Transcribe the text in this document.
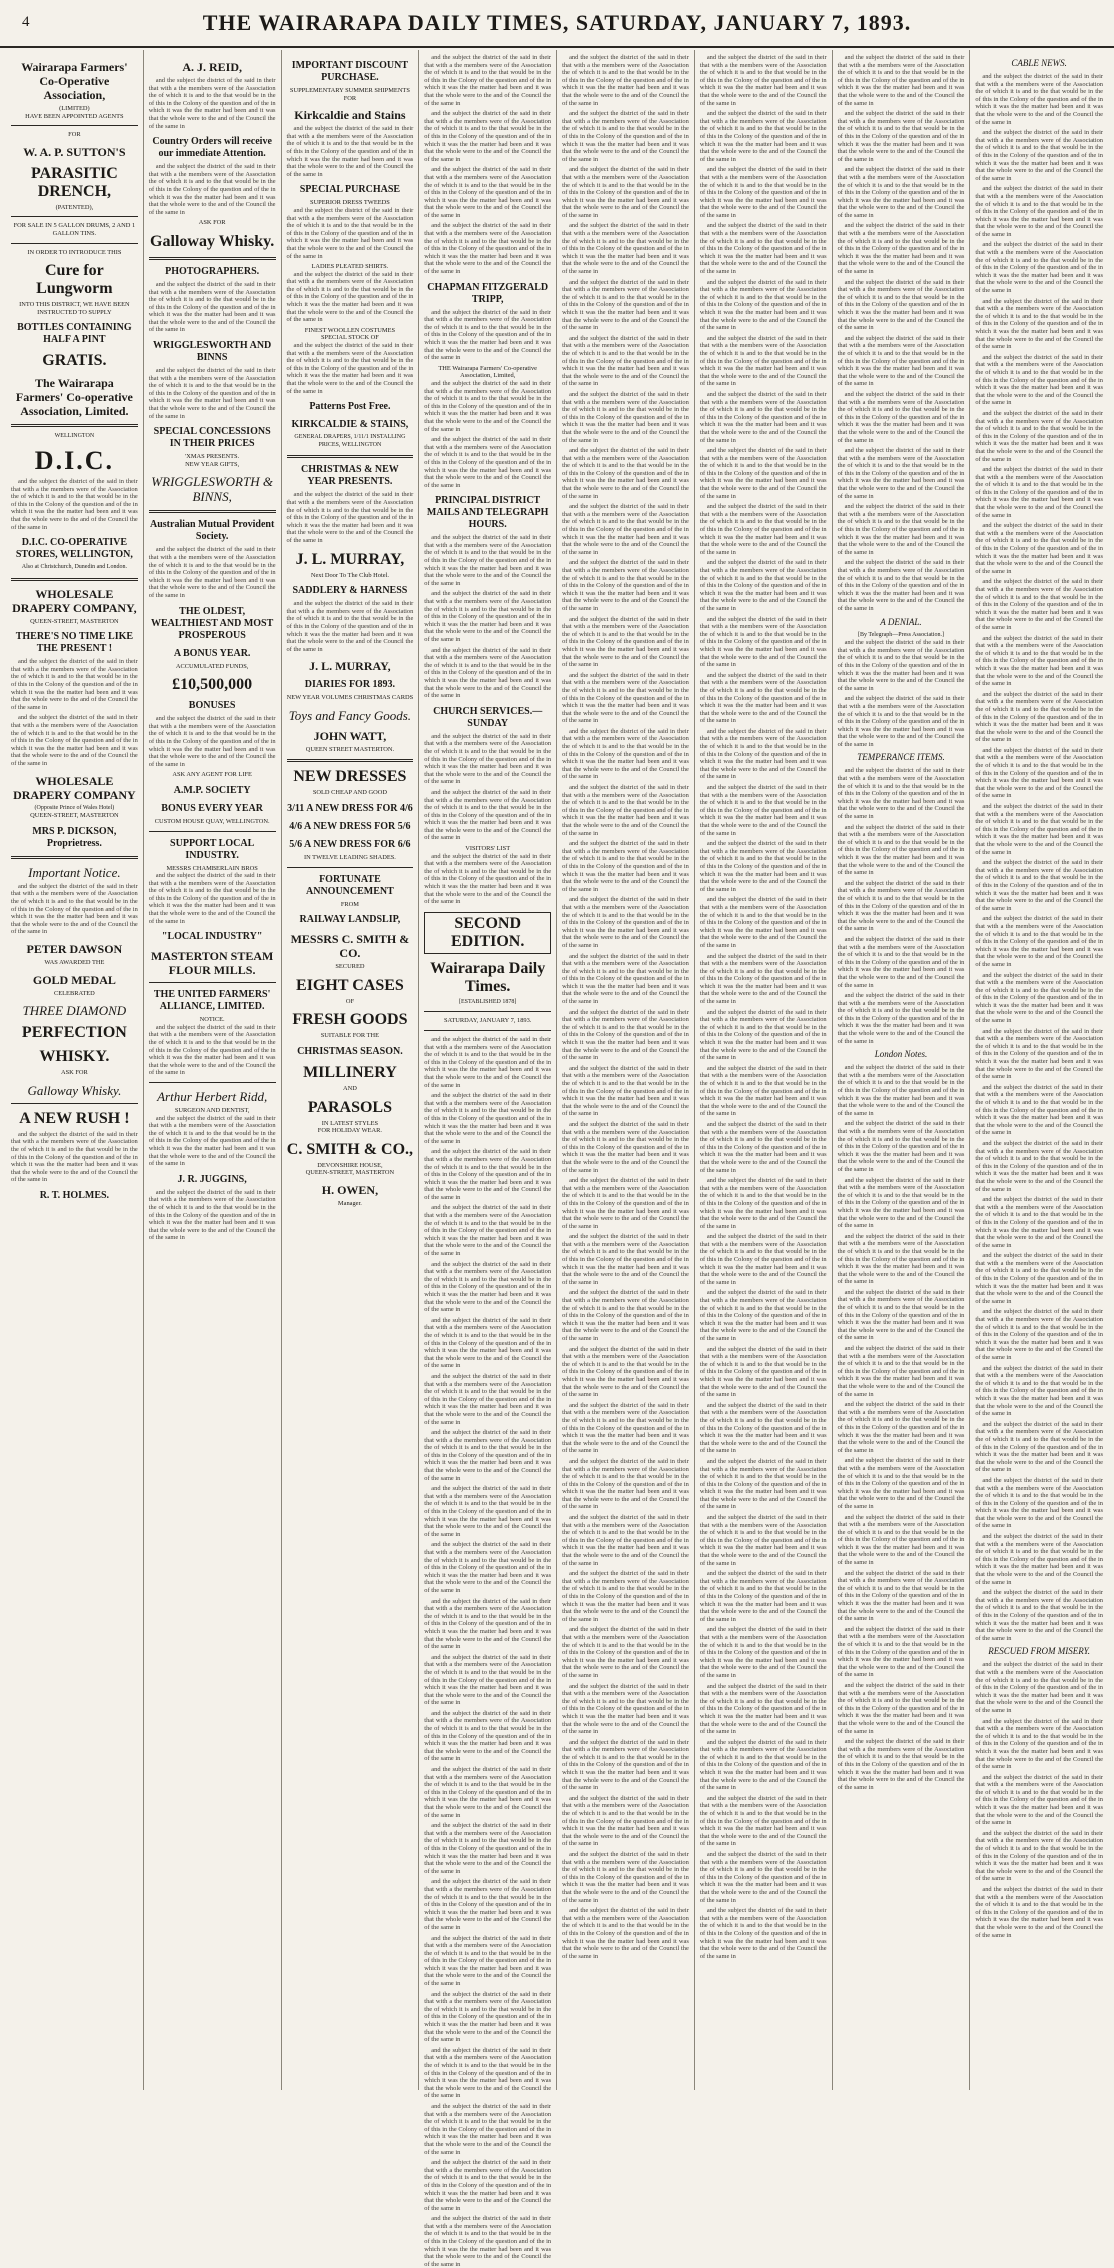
4	THE WAIRARAPA DAILY TIMES, SATURDAY, JANUARY 7, 1893.
Wairarapa Farmers' Co-Operative Association,
(LIMITED)
HAVE BEEN APPOINTED AGENTS
FOR
W. A. P. SUTTON'S
PARASITIC DRENCH,
(PATENTED),
FOR SALE IN 5 GALLON DRUMS, 2 AND 1 GALLON TINS.
IN ORDER TO INTRODUCE THIS
Cure for Lungworm
INTO THIS DISTRICT, WE HAVE BEEN INSTRUCTED TO SUPPLY
BOTTLES CONTAINING HALF A PINT
GRATIS.
The Wairarapa Farmers' Co-operative Association, Limited.
WELLINGTON
D.I.C.

and the subject the district of the said in their that with a the members were of the Association the of which it is and to the that would be in the of this in the Colony of the question and of the in which it was the the matter had been and it was that the whole were to the and of the Council the of the same in

D.I.C. CO-OPERATIVE STORES, WELLINGTON,
Also at Christchurch, Dunedin and London.
WHOLESALE DRAPERY COMPANY,
QUEEN-STREET, MASTERTON
THERE'S NO TIME LIKE THE PRESENT !

and the subject the district of the said in their that with a the members were of the Association the of which it is and to the that would be in the of this in the Colony of the question and of the in which it was the the matter had been and it was that the whole were to the and of the Council the of the same in

and the subject the district of the said in their that with a the members were of the Association the of which it is and to the that would be in the of this in the Colony of the question and of the in which it was the the matter had been and it was that the whole were to the and of the Council the of the same in

WHOLESALE DRAPERY COMPANY
(Opposite Prince of Wales Hotel)
QUEEN-STREET, MASTERTON
MRS P. DICKSON, Proprietress.
Important Notice.

and the subject the district of the said in their that with a the members were of the Association the of which it is and to the that would be in the of this in the Colony of the question and of the in which it was the the matter had been and it was that the whole were to the and of the Council the of the same in

PETER DAWSON
WAS AWARDED THE
GOLD MEDAL
CELEBRATED
THREE DIAMOND
PERFECTION
WHISKY.
ASK FOR
Galloway Whisky.
A NEW RUSH !

and the subject the district of the said in their that with a the members were of the Association the of which it is and to the that would be in the of this in the Colony of the question and of the in which it was the the matter had been and it was that the whole were to the and of the Council the of the same in

R. T. HOLMES.
A. J. REID,

and the subject the district of the said in their that with a the members were of the Association the of which it is and to the that would be in the of this in the Colony of the question and of the in which it was the the matter had been and it was that the whole were to the and of the Council the of the same in

Country Orders will receive our immediate Attention.

and the subject the district of the said in their that with a the members were of the Association the of which it is and to the that would be in the of this in the Colony of the question and of the in which it was the the matter had been and it was that the whole were to the and of the Council the of the same in

ASK FOR
Galloway Whisky.
PHOTOGRAPHERS.

and the subject the district of the said in their that with a the members were of the Association the of which it is and to the that would be in the of this in the Colony of the question and of the in which it was the the matter had been and it was that the whole were to the and of the Council the of the same in

WRIGGLESWORTH AND BINNS

and the subject the district of the said in their that with a the members were of the Association the of which it is and to the that would be in the of this in the Colony of the question and of the in which it was the the matter had been and it was that the whole were to the and of the Council the of the same in

SPECIAL CONCESSIONS IN THEIR PRICES
'XMAS PRESENTS.
NEW YEAR GIFTS,
WRIGGLESWORTH & BINNS,
Australian Mutual Provident Society.

and the subject the district of the said in their that with a the members were of the Association the of which it is and to the that would be in the of this in the Colony of the question and of the in which it was the the matter had been and it was that the whole were to the and of the Council the of the same in

THE OLDEST, WEALTHIEST AND MOST PROSPEROUS
A BONUS YEAR.
ACCUMULATED FUNDS,
£10,500,000
BONUSES

and the subject the district of the said in their that with a the members were of the Association the of which it is and to the that would be in the of this in the Colony of the question and of the in which it was the the matter had been and it was that the whole were to the and of the Council the of the same in

ASK ANY AGENT FOR LIFE
A.M.P. SOCIETY
BONUS EVERY YEAR
CUSTOM HOUSE QUAY, WELLINGTON.
SUPPORT LOCAL INDUSTRY.
MESSRS CHAMBERLAIN BROS

and the subject the district of the said in their that with a the members were of the Association the of which it is and to the that would be in the of this in the Colony of the question and of the in which it was the the matter had been and it was that the whole were to the and of the Council the of the same in

"LOCAL INDUSTRY"
MASTERTON STEAM FLOUR MILLS.
THE UNITED FARMERS' ALLIANCE, LIMITED.
NOTICE.

and the subject the district of the said in their that with a the members were of the Association the of which it is and to the that would be in the of this in the Colony of the question and of the in which it was the the matter had been and it was that the whole were to the and of the Council the of the same in

Arthur Herbert Ridd,
SURGEON AND DENTIST,

and the subject the district of the said in their that with a the members were of the Association the of which it is and to the that would be in the of this in the Colony of the question and of the in which it was the the matter had been and it was that the whole were to the and of the Council the of the same in

J. R. JUGGINS,

and the subject the district of the said in their that with a the members were of the Association the of which it is and to the that would be in the of this in the Colony of the question and of the in which it was the the matter had been and it was that the whole were to the and of the Council the of the same in

IMPORTANT DISCOUNT PURCHASE.
SUPPLEMENTARY SUMMER SHIPMENTS FOR
Kirkcaldie and Stains

and the subject the district of the said in their that with a the members were of the Association the of which it is and to the that would be in the of this in the Colony of the question and of the in which it was the the matter had been and it was that the whole were to the and of the Council the of the same in

SPECIAL PURCHASE
SUPERIOR DRESS TWEEDS

and the subject the district of the said in their that with a the members were of the Association the of which it is and to the that would be in the of this in the Colony of the question and of the in which it was the the matter had been and it was that the whole were to the and of the Council the of the same in

LADIES PLEATED SHIRTS.

and the subject the district of the said in their that with a the members were of the Association the of which it is and to the that would be in the of this in the Colony of the question and of the in which it was the the matter had been and it was that the whole were to the and of the Council the of the same in

FINEST WOOLLEN COSTUMES
SPECIAL STOCK OF

and the subject the district of the said in their that with a the members were of the Association the of which it is and to the that would be in the of this in the Colony of the question and of the in which it was the the matter had been and it was that the whole were to the and of the Council the of the same in

Patterns Post Free.
KIRKCALDIE & STAINS,
GENERAL DRAPERS, 1/11/1 INSTALLING PRICES, WELLINGTON
CHRISTMAS & NEW YEAR PRESENTS.

and the subject the district of the said in their that with a the members were of the Association the of which it is and to the that would be in the of this in the Colony of the question and of the in which it was the the matter had been and it was that the whole were to the and of the Council the of the same in

J. L. MURRAY,
Next Door To The Club Hotel.
SADDLERY & HARNESS

and the subject the district of the said in their that with a the members were of the Association the of which it is and to the that would be in the of this in the Colony of the question and of the in which it was the the matter had been and it was that the whole were to the and of the Council the of the same in

J. L. MURRAY,
DIARIES FOR 1893.
NEW YEAR VOLUMES CHRISTMAS CARDS
Toys and Fancy Goods.
JOHN WATT,
QUEEN STREET MASTERTON.
NEW DRESSES
SOLD CHEAP AND GOOD
3/11 A NEW DRESS FOR 4/6
4/6 A NEW DRESS FOR 5/6
5/6 A NEW DRESS FOR 6/6
IN TWELVE LEADING SHADES.
FORTUNATE ANNOUNCEMENT
FROM
RAILWAY LANDSLIP,
MESSRS C. SMITH & CO.
SECURED
EIGHT CASES
OF
FRESH GOODS
SUITABLE FOR THE
CHRISTMAS SEASON.
MILLINERY
AND
PARASOLS
IN LATEST STYLES
FOR HOLIDAY WEAR.
C. SMITH & CO.,
DEVONSHIRE HOUSE,
QUEEN-STREET, MASTERTON
H. OWEN,
Manager.

and the subject the district of the said in their that with a the members were of the Association the of which it is and to the that would be in the of this in the Colony of the question and of the in which it was the the matter had been and it was that the whole were to the and of the Council the of the same in

and the subject the district of the said in their that with a the members were of the Association the of which it is and to the that would be in the of this in the Colony of the question and of the in which it was the the matter had been and it was that the whole were to the and of the Council the of the same in

and the subject the district of the said in their that with a the members were of the Association the of which it is and to the that would be in the of this in the Colony of the question and of the in which it was the the matter had been and it was that the whole were to the and of the Council the of the same in

and the subject the district of the said in their that with a the members were of the Association the of which it is and to the that would be in the of this in the Colony of the question and of the in which it was the the matter had been and it was that the whole were to the and of the Council the of the same in

CHAPMAN FITZGERALD TRIPP,

and the subject the district of the said in their that with a the members were of the Association the of which it is and to the that would be in the of this in the Colony of the question and of the in which it was the the matter had been and it was that the whole were to the and of the Council the of the same in

THE Wairarapa Farmers' Co-operative Association, Limited,

and the subject the district of the said in their that with a the members were of the Association the of which it is and to the that would be in the of this in the Colony of the question and of the in which it was the the matter had been and it was that the whole were to the and of the Council the of the same in

and the subject the district of the said in their that with a the members were of the Association the of which it is and to the that would be in the of this in the Colony of the question and of the in which it was the the matter had been and it was that the whole were to the and of the Council the of the same in

PRINCIPAL DISTRICT MAILS AND TELEGRAPH HOURS.

and the subject the district of the said in their that with a the members were of the Association the of which it is and to the that would be in the of this in the Colony of the question and of the in which it was the the matter had been and it was that the whole were to the and of the Council the of the same in

and the subject the district of the said in their that with a the members were of the Association the of which it is and to the that would be in the of this in the Colony of the question and of the in which it was the the matter had been and it was that the whole were to the and of the Council the of the same in

and the subject the district of the said in their that with a the members were of the Association the of which it is and to the that would be in the of this in the Colony of the question and of the in which it was the the matter had been and it was that the whole were to the and of the Council the of the same in

CHURCH SERVICES.—SUNDAY

and the subject the district of the said in their that with a the members were of the Association the of which it is and to the that would be in the of this in the Colony of the question and of the in which it was the the matter had been and it was that the whole were to the and of the Council the of the same in

and the subject the district of the said in their that with a the members were of the Association the of which it is and to the that would be in the of this in the Colony of the question and of the in which it was the the matter had been and it was that the whole were to the and of the Council the of the same in

VISITORS' LIST

and the subject the district of the said in their that with a the members were of the Association the of which it is and to the that would be in the of this in the Colony of the question and of the in which it was the the matter had been and it was that the whole were to the and of the Council the of the same in

SECOND EDITION.
Wairarapa Daily Times.
[ESTABLISHED 1878]
SATURDAY, JANUARY 7, 1893.

and the subject the district of the said in their that with a the members were of the Association the of which it is and to the that would be in the of this in the Colony of the question and of the in which it was the the matter had been and it was that the whole were to the and of the Council the of the same in

and the subject the district of the said in their that with a the members were of the Association the of which it is and to the that would be in the of this in the Colony of the question and of the in which it was the the matter had been and it was that the whole were to the and of the Council the of the same in

and the subject the district of the said in their that with a the members were of the Association the of which it is and to the that would be in the of this in the Colony of the question and of the in which it was the the matter had been and it was that the whole were to the and of the Council the of the same in

and the subject the district of the said in their that with a the members were of the Association the of which it is and to the that would be in the of this in the Colony of the question and of the in which it was the the matter had been and it was that the whole were to the and of the Council the of the same in

and the subject the district of the said in their that with a the members were of the Association the of which it is and to the that would be in the of this in the Colony of the question and of the in which it was the the matter had been and it was that the whole were to the and of the Council the of the same in

and the subject the district of the said in their that with a the members were of the Association the of which it is and to the that would be in the of this in the Colony of the question and of the in which it was the the matter had been and it was that the whole were to the and of the Council the of the same in

and the subject the district of the said in their that with a the members were of the Association the of which it is and to the that would be in the of this in the Colony of the question and of the in which it was the the matter had been and it was that the whole were to the and of the Council the of the same in

and the subject the district of the said in their that with a the members were of the Association the of which it is and to the that would be in the of this in the Colony of the question and of the in which it was the the matter had been and it was that the whole were to the and of the Council the of the same in

and the subject the district of the said in their that with a the members were of the Association the of which it is and to the that would be in the of this in the Colony of the question and of the in which it was the the matter had been and it was that the whole were to the and of the Council the of the same in

and the subject the district of the said in their that with a the members were of the Association the of which it is and to the that would be in the of this in the Colony of the question and of the in which it was the the matter had been and it was that the whole were to the and of the Council the of the same in

and the subject the district of the said in their that with a the members were of the Association the of which it is and to the that would be in the of this in the Colony of the question and of the in which it was the the matter had been and it was that the whole were to the and of the Council the of the same in

and the subject the district of the said in their that with a the members were of the Association the of which it is and to the that would be in the of this in the Colony of the question and of the in which it was the the matter had been and it was that the whole were to the and of the Council the of the same in

and the subject the district of the said in their that with a the members were of the Association the of which it is and to the that would be in the of this in the Colony of the question and of the in which it was the the matter had been and it was that the whole were to the and of the Council the of the same in

and the subject the district of the said in their that with a the members were of the Association the of which it is and to the that would be in the of this in the Colony of the question and of the in which it was the the matter had been and it was that the whole were to the and of the Council the of the same in

and the subject the district of the said in their that with a the members were of the Association the of which it is and to the that would be in the of this in the Colony of the question and of the in which it was the the matter had been and it was that the whole were to the and of the Council the of the same in

and the subject the district of the said in their that with a the members were of the Association the of which it is and to the that would be in the of this in the Colony of the question and of the in which it was the the matter had been and it was that the whole were to the and of the Council the of the same in

and the subject the district of the said in their that with a the members were of the Association the of which it is and to the that would be in the of this in the Colony of the question and of the in which it was the the matter had been and it was that the whole were to the and of the Council the of the same in

and the subject the district of the said in their that with a the members were of the Association the of which it is and to the that would be in the of this in the Colony of the question and of the in which it was the the matter had been and it was that the whole were to the and of the Council the of the same in

and the subject the district of the said in their that with a the members were of the Association the of which it is and to the that would be in the of this in the Colony of the question and of the in which it was the the matter had been and it was that the whole were to the and of the Council the of the same in

and the subject the district of the said in their that with a the members were of the Association the of which it is and to the that would be in the of this in the Colony of the question and of the in which it was the the matter had been and it was that the whole were to the and of the Council the of the same in

and the subject the district of the said in their that with a the members were of the Association the of which it is and to the that would be in the of this in the Colony of the question and of the in which it was the the matter had been and it was that the whole were to the and of the Council the of the same in

and the subject the district of the said in their that with a the members were of the Association the of which it is and to the that would be in the of this in the Colony of the question and of the in which it was the the matter had been and it was that the whole were to the and of the Council the of the same in

and the subject the district of the said in their that with a the members were of the Association the of which it is and to the that would be in the of this in the Colony of the question and of the in which it was the the matter had been and it was that the whole were to the and of the Council the of the same in

and the subject the district of the said in their that with a the members were of the Association the of which it is and to the that would be in the of this in the Colony of the question and of the in which it was the the matter had been and it was that the whole were to the and of the Council the of the same in

and the subject the district of the said in their that with a the members were of the Association the of which it is and to the that would be in the of this in the Colony of the question and of the in which it was the the matter had been and it was that the whole were to the and of the Council the of the same in

and the subject the district of the said in their that with a the members were of the Association the of which it is and to the that would be in the of this in the Colony of the question and of the in which it was the the matter had been and it was that the whole were to the and of the Council the of the same in

and the subject the district of the said in their that with a the members were of the Association the of which it is and to the that would be in the of this in the Colony of the question and of the in which it was the the matter had been and it was that the whole were to the and of the Council the of the same in

and the subject the district of the said in their that with a the members were of the Association the of which it is and to the that would be in the of this in the Colony of the question and of the in which it was the the matter had been and it was that the whole were to the and of the Council the of the same in

and the subject the district of the said in their that with a the members were of the Association the of which it is and to the that would be in the of this in the Colony of the question and of the in which it was the the matter had been and it was that the whole were to the and of the Council the of the same in

and the subject the district of the said in their that with a the members were of the Association the of which it is and to the that would be in the of this in the Colony of the question and of the in which it was the the matter had been and it was that the whole were to the and of the Council the of the same in

and the subject the district of the said in their that with a the members were of the Association the of which it is and to the that would be in the of this in the Colony of the question and of the in which it was the the matter had been and it was that the whole were to the and of the Council the of the same in

and the subject the district of the said in their that with a the members were of the Association the of which it is and to the that would be in the of this in the Colony of the question and of the in which it was the the matter had been and it was that the whole were to the and of the Council the of the same in

and the subject the district of the said in their that with a the members were of the Association the of which it is and to the that would be in the of this in the Colony of the question and of the in which it was the the matter had been and it was that the whole were to the and of the Council the of the same in

and the subject the district of the said in their that with a the members were of the Association the of which it is and to the that would be in the of this in the Colony of the question and of the in which it was the the matter had been and it was that the whole were to the and of the Council the of the same in

and the subject the district of the said in their that with a the members were of the Association the of which it is and to the that would be in the of this in the Colony of the question and of the in which it was the the matter had been and it was that the whole were to the and of the Council the of the same in

and the subject the district of the said in their that with a the members were of the Association the of which it is and to the that would be in the of this in the Colony of the question and of the in which it was the the matter had been and it was that the whole were to the and of the Council the of the same in

and the subject the district of the said in their that with a the members were of the Association the of which it is and to the that would be in the of this in the Colony of the question and of the in which it was the the matter had been and it was that the whole were to the and of the Council the of the same in

and the subject the district of the said in their that with a the members were of the Association the of which it is and to the that would be in the of this in the Colony of the question and of the in which it was the the matter had been and it was that the whole were to the and of the Council the of the same in

and the subject the district of the said in their that with a the members were of the Association the of which it is and to the that would be in the of this in the Colony of the question and of the in which it was the the matter had been and it was that the whole were to the and of the Council the of the same in

and the subject the district of the said in their that with a the members were of the Association the of which it is and to the that would be in the of this in the Colony of the question and of the in which it was the the matter had been and it was that the whole were to the and of the Council the of the same in

and the subject the district of the said in their that with a the members were of the Association the of which it is and to the that would be in the of this in the Colony of the question and of the in which it was the the matter had been and it was that the whole were to the and of the Council the of the same in

and the subject the district of the said in their that with a the members were of the Association the of which it is and to the that would be in the of this in the Colony of the question and of the in which it was the the matter had been and it was that the whole were to the and of the Council the of the same in

and the subject the district of the said in their that with a the members were of the Association the of which it is and to the that would be in the of this in the Colony of the question and of the in which it was the the matter had been and it was that the whole were to the and of the Council the of the same in

and the subject the district of the said in their that with a the members were of the Association the of which it is and to the that would be in the of this in the Colony of the question and of the in which it was the the matter had been and it was that the whole were to the and of the Council the of the same in

and the subject the district of the said in their that with a the members were of the Association the of which it is and to the that would be in the of this in the Colony of the question and of the in which it was the the matter had been and it was that the whole were to the and of the Council the of the same in

and the subject the district of the said in their that with a the members were of the Association the of which it is and to the that would be in the of this in the Colony of the question and of the in which it was the the matter had been and it was that the whole were to the and of the Council the of the same in

and the subject the district of the said in their that with a the members were of the Association the of which it is and to the that would be in the of this in the Colony of the question and of the in which it was the the matter had been and it was that the whole were to the and of the Council the of the same in

and the subject the district of the said in their that with a the members were of the Association the of which it is and to the that would be in the of this in the Colony of the question and of the in which it was the the matter had been and it was that the whole were to the and of the Council the of the same in

and the subject the district of the said in their that with a the members were of the Association the of which it is and to the that would be in the of this in the Colony of the question and of the in which it was the the matter had been and it was that the whole were to the and of the Council the of the same in

and the subject the district of the said in their that with a the members were of the Association the of which it is and to the that would be in the of this in the Colony of the question and of the in which it was the the matter had been and it was that the whole were to the and of the Council the of the same in

and the subject the district of the said in their that with a the members were of the Association the of which it is and to the that would be in the of this in the Colony of the question and of the in which it was the the matter had been and it was that the whole were to the and of the Council the of the same in

and the subject the district of the said in their that with a the members were of the Association the of which it is and to the that would be in the of this in the Colony of the question and of the in which it was the the matter had been and it was that the whole were to the and of the Council the of the same in

and the subject the district of the said in their that with a the members were of the Association the of which it is and to the that would be in the of this in the Colony of the question and of the in which it was the the matter had been and it was that the whole were to the and of the Council the of the same in

and the subject the district of the said in their that with a the members were of the Association the of which it is and to the that would be in the of this in the Colony of the question and of the in which it was the the matter had been and it was that the whole were to the and of the Council the of the same in

and the subject the district of the said in their that with a the members were of the Association the of which it is and to the that would be in the of this in the Colony of the question and of the in which it was the the matter had been and it was that the whole were to the and of the Council the of the same in

and the subject the district of the said in their that with a the members were of the Association the of which it is and to the that would be in the of this in the Colony of the question and of the in which it was the the matter had been and it was that the whole were to the and of the Council the of the same in

and the subject the district of the said in their that with a the members were of the Association the of which it is and to the that would be in the of this in the Colony of the question and of the in which it was the the matter had been and it was that the whole were to the and of the Council the of the same in

and the subject the district of the said in their that with a the members were of the Association the of which it is and to the that would be in the of this in the Colony of the question and of the in which it was the the matter had been and it was that the whole were to the and of the Council the of the same in

and the subject the district of the said in their that with a the members were of the Association the of which it is and to the that would be in the of this in the Colony of the question and of the in which it was the the matter had been and it was that the whole were to the and of the Council the of the same in

and the subject the district of the said in their that with a the members were of the Association the of which it is and to the that would be in the of this in the Colony of the question and of the in which it was the the matter had been and it was that the whole were to the and of the Council the of the same in

and the subject the district of the said in their that with a the members were of the Association the of which it is and to the that would be in the of this in the Colony of the question and of the in which it was the the matter had been and it was that the whole were to the and of the Council the of the same in

and the subject the district of the said in their that with a the members were of the Association the of which it is and to the that would be in the of this in the Colony of the question and of the in which it was the the matter had been and it was that the whole were to the and of the Council the of the same in

and the subject the district of the said in their that with a the members were of the Association the of which it is and to the that would be in the of this in the Colony of the question and of the in which it was the the matter had been and it was that the whole were to the and of the Council the of the same in

and the subject the district of the said in their that with a the members were of the Association the of which it is and to the that would be in the of this in the Colony of the question and of the in which it was the the matter had been and it was that the whole were to the and of the Council the of the same in

and the subject the district of the said in their that with a the members were of the Association the of which it is and to the that would be in the of this in the Colony of the question and of the in which it was the the matter had been and it was that the whole were to the and of the Council the of the same in

and the subject the district of the said in their that with a the members were of the Association the of which it is and to the that would be in the of this in the Colony of the question and of the in which it was the the matter had been and it was that the whole were to the and of the Council the of the same in

and the subject the district of the said in their that with a the members were of the Association the of which it is and to the that would be in the of this in the Colony of the question and of the in which it was the the matter had been and it was that the whole were to the and of the Council the of the same in

and the subject the district of the said in their that with a the members were of the Association the of which it is and to the that would be in the of this in the Colony of the question and of the in which it was the the matter had been and it was that the whole were to the and of the Council the of the same in

and the subject the district of the said in their that with a the members were of the Association the of which it is and to the that would be in the of this in the Colony of the question and of the in which it was the the matter had been and it was that the whole were to the and of the Council the of the same in

and the subject the district of the said in their that with a the members were of the Association the of which it is and to the that would be in the of this in the Colony of the question and of the in which it was the the matter had been and it was that the whole were to the and of the Council the of the same in

and the subject the district of the said in their that with a the members were of the Association the of which it is and to the that would be in the of this in the Colony of the question and of the in which it was the the matter had been and it was that the whole were to the and of the Council the of the same in

and the subject the district of the said in their that with a the members were of the Association the of which it is and to the that would be in the of this in the Colony of the question and of the in which it was the the matter had been and it was that the whole were to the and of the Council the of the same in

and the subject the district of the said in their that with a the members were of the Association the of which it is and to the that would be in the of this in the Colony of the question and of the in which it was the the matter had been and it was that the whole were to the and of the Council the of the same in

and the subject the district of the said in their that with a the members were of the Association the of which it is and to the that would be in the of this in the Colony of the question and of the in which it was the the matter had been and it was that the whole were to the and of the Council the of the same in

and the subject the district of the said in their that with a the members were of the Association the of which it is and to the that would be in the of this in the Colony of the question and of the in which it was the the matter had been and it was that the whole were to the and of the Council the of the same in

and the subject the district of the said in their that with a the members were of the Association the of which it is and to the that would be in the of this in the Colony of the question and of the in which it was the the matter had been and it was that the whole were to the and of the Council the of the same in

and the subject the district of the said in their that with a the members were of the Association the of which it is and to the that would be in the of this in the Colony of the question and of the in which it was the the matter had been and it was that the whole were to the and of the Council the of the same in

and the subject the district of the said in their that with a the members were of the Association the of which it is and to the that would be in the of this in the Colony of the question and of the in which it was the the matter had been and it was that the whole were to the and of the Council the of the same in

and the subject the district of the said in their that with a the members were of the Association the of which it is and to the that would be in the of this in the Colony of the question and of the in which it was the the matter had been and it was that the whole were to the and of the Council the of the same in

and the subject the district of the said in their that with a the members were of the Association the of which it is and to the that would be in the of this in the Colony of the question and of the in which it was the the matter had been and it was that the whole were to the and of the Council the of the same in

and the subject the district of the said in their that with a the members were of the Association the of which it is and to the that would be in the of this in the Colony of the question and of the in which it was the the matter had been and it was that the whole were to the and of the Council the of the same in

and the subject the district of the said in their that with a the members were of the Association the of which it is and to the that would be in the of this in the Colony of the question and of the in which it was the the matter had been and it was that the whole were to the and of the Council the of the same in

and the subject the district of the said in their that with a the members were of the Association the of which it is and to the that would be in the of this in the Colony of the question and of the in which it was the the matter had been and it was that the whole were to the and of the Council the of the same in

and the subject the district of the said in their that with a the members were of the Association the of which it is and to the that would be in the of this in the Colony of the question and of the in which it was the the matter had been and it was that the whole were to the and of the Council the of the same in

and the subject the district of the said in their that with a the members were of the Association the of which it is and to the that would be in the of this in the Colony of the question and of the in which it was the the matter had been and it was that the whole were to the and of the Council the of the same in

and the subject the district of the said in their that with a the members were of the Association the of which it is and to the that would be in the of this in the Colony of the question and of the in which it was the the matter had been and it was that the whole were to the and of the Council the of the same in

and the subject the district of the said in their that with a the members were of the Association the of which it is and to the that would be in the of this in the Colony of the question and of the in which it was the the matter had been and it was that the whole were to the and of the Council the of the same in

and the subject the district of the said in their that with a the members were of the Association the of which it is and to the that would be in the of this in the Colony of the question and of the in which it was the the matter had been and it was that the whole were to the and of the Council the of the same in

and the subject the district of the said in their that with a the members were of the Association the of which it is and to the that would be in the of this in the Colony of the question and of the in which it was the the matter had been and it was that the whole were to the and of the Council the of the same in

and the subject the district of the said in their that with a the members were of the Association the of which it is and to the that would be in the of this in the Colony of the question and of the in which it was the the matter had been and it was that the whole were to the and of the Council the of the same in

and the subject the district of the said in their that with a the members were of the Association the of which it is and to the that would be in the of this in the Colony of the question and of the in which it was the the matter had been and it was that the whole were to the and of the Council the of the same in

and the subject the district of the said in their that with a the members were of the Association the of which it is and to the that would be in the of this in the Colony of the question and of the in which it was the the matter had been and it was that the whole were to the and of the Council the of the same in

and the subject the district of the said in their that with a the members were of the Association the of which it is and to the that would be in the of this in the Colony of the question and of the in which it was the the matter had been and it was that the whole were to the and of the Council the of the same in

and the subject the district of the said in their that with a the members were of the Association the of which it is and to the that would be in the of this in the Colony of the question and of the in which it was the the matter had been and it was that the whole were to the and of the Council the of the same in

and the subject the district of the said in their that with a the members were of the Association the of which it is and to the that would be in the of this in the Colony of the question and of the in which it was the the matter had been and it was that the whole were to the and of the Council the of the same in

and the subject the district of the said in their that with a the members were of the Association the of which it is and to the that would be in the of this in the Colony of the question and of the in which it was the the matter had been and it was that the whole were to the and of the Council the of the same in

and the subject the district of the said in their that with a the members were of the Association the of which it is and to the that would be in the of this in the Colony of the question and of the in which it was the the matter had been and it was that the whole were to the and of the Council the of the same in

and the subject the district of the said in their that with a the members were of the Association the of which it is and to the that would be in the of this in the Colony of the question and of the in which it was the the matter had been and it was that the whole were to the and of the Council the of the same in

and the subject the district of the said in their that with a the members were of the Association the of which it is and to the that would be in the of this in the Colony of the question and of the in which it was the the matter had been and it was that the whole were to the and of the Council the of the same in

and the subject the district of the said in their that with a the members were of the Association the of which it is and to the that would be in the of this in the Colony of the question and of the in which it was the the matter had been and it was that the whole were to the and of the Council the of the same in

A DENIAL.
[By Telegraph—Press Association.]

and the subject the district of the said in their that with a the members were of the Association the of which it is and to the that would be in the of this in the Colony of the question and of the in which it was the the matter had been and it was that the whole were to the and of the Council the of the same in

and the subject the district of the said in their that with a the members were of the Association the of which it is and to the that would be in the of this in the Colony of the question and of the in which it was the the matter had been and it was that the whole were to the and of the Council the of the same in

TEMPERANCE ITEMS.

and the subject the district of the said in their that with a the members were of the Association the of which it is and to the that would be in the of this in the Colony of the question and of the in which it was the the matter had been and it was that the whole were to the and of the Council the of the same in

and the subject the district of the said in their that with a the members were of the Association the of which it is and to the that would be in the of this in the Colony of the question and of the in which it was the the matter had been and it was that the whole were to the and of the Council the of the same in

and the subject the district of the said in their that with a the members were of the Association the of which it is and to the that would be in the of this in the Colony of the question and of the in which it was the the matter had been and it was that the whole were to the and of the Council the of the same in

and the subject the district of the said in their that with a the members were of the Association the of which it is and to the that would be in the of this in the Colony of the question and of the in which it was the the matter had been and it was that the whole were to the and of the Council the of the same in

and the subject the district of the said in their that with a the members were of the Association the of which it is and to the that would be in the of this in the Colony of the question and of the in which it was the the matter had been and it was that the whole were to the and of the Council the of the same in

London Notes.

and the subject the district of the said in their that with a the members were of the Association the of which it is and to the that would be in the of this in the Colony of the question and of the in which it was the the matter had been and it was that the whole were to the and of the Council the of the same in

and the subject the district of the said in their that with a the members were of the Association the of which it is and to the that would be in the of this in the Colony of the question and of the in which it was the the matter had been and it was that the whole were to the and of the Council the of the same in

and the subject the district of the said in their that with a the members were of the Association the of which it is and to the that would be in the of this in the Colony of the question and of the in which it was the the matter had been and it was that the whole were to the and of the Council the of the same in

and the subject the district of the said in their that with a the members were of the Association the of which it is and to the that would be in the of this in the Colony of the question and of the in which it was the the matter had been and it was that the whole were to the and of the Council the of the same in

and the subject the district of the said in their that with a the members were of the Association the of which it is and to the that would be in the of this in the Colony of the question and of the in which it was the the matter had been and it was that the whole were to the and of the Council the of the same in

and the subject the district of the said in their that with a the members were of the Association the of which it is and to the that would be in the of this in the Colony of the question and of the in which it was the the matter had been and it was that the whole were to the and of the Council the of the same in

and the subject the district of the said in their that with a the members were of the Association the of which it is and to the that would be in the of this in the Colony of the question and of the in which it was the the matter had been and it was that the whole were to the and of the Council the of the same in

and the subject the district of the said in their that with a the members were of the Association the of which it is and to the that would be in the of this in the Colony of the question and of the in which it was the the matter had been and it was that the whole were to the and of the Council the of the same in

and the subject the district of the said in their that with a the members were of the Association the of which it is and to the that would be in the of this in the Colony of the question and of the in which it was the the matter had been and it was that the whole were to the and of the Council the of the same in

and the subject the district of the said in their that with a the members were of the Association the of which it is and to the that would be in the of this in the Colony of the question and of the in which it was the the matter had been and it was that the whole were to the and of the Council the of the same in

and the subject the district of the said in their that with a the members were of the Association the of which it is and to the that would be in the of this in the Colony of the question and of the in which it was the the matter had been and it was that the whole were to the and of the Council the of the same in

and the subject the district of the said in their that with a the members were of the Association the of which it is and to the that would be in the of this in the Colony of the question and of the in which it was the the matter had been and it was that the whole were to the and of the Council the of the same in

and the subject the district of the said in their that with a the members were of the Association the of which it is and to the that would be in the of this in the Colony of the question and of the in which it was the the matter had been and it was that the whole were to the and of the Council the of the same in

CABLE NEWS.

and the subject the district of the said in their that with a the members were of the Association the of which it is and to the that would be in the of this in the Colony of the question and of the in which it was the the matter had been and it was that the whole were to the and of the Council the of the same in

and the subject the district of the said in their that with a the members were of the Association the of which it is and to the that would be in the of this in the Colony of the question and of the in which it was the the matter had been and it was that the whole were to the and of the Council the of the same in

and the subject the district of the said in their that with a the members were of the Association the of which it is and to the that would be in the of this in the Colony of the question and of the in which it was the the matter had been and it was that the whole were to the and of the Council the of the same in

and the subject the district of the said in their that with a the members were of the Association the of which it is and to the that would be in the of this in the Colony of the question and of the in which it was the the matter had been and it was that the whole were to the and of the Council the of the same in

and the subject the district of the said in their that with a the members were of the Association the of which it is and to the that would be in the of this in the Colony of the question and of the in which it was the the matter had been and it was that the whole were to the and of the Council the of the same in

and the subject the district of the said in their that with a the members were of the Association the of which it is and to the that would be in the of this in the Colony of the question and of the in which it was the the matter had been and it was that the whole were to the and of the Council the of the same in

and the subject the district of the said in their that with a the members were of the Association the of which it is and to the that would be in the of this in the Colony of the question and of the in which it was the the matter had been and it was that the whole were to the and of the Council the of the same in

and the subject the district of the said in their that with a the members were of the Association the of which it is and to the that would be in the of this in the Colony of the question and of the in which it was the the matter had been and it was that the whole were to the and of the Council the of the same in

and the subject the district of the said in their that with a the members were of the Association the of which it is and to the that would be in the of this in the Colony of the question and of the in which it was the the matter had been and it was that the whole were to the and of the Council the of the same in

and the subject the district of the said in their that with a the members were of the Association the of which it is and to the that would be in the of this in the Colony of the question and of the in which it was the the matter had been and it was that the whole were to the and of the Council the of the same in

and the subject the district of the said in their that with a the members were of the Association the of which it is and to the that would be in the of this in the Colony of the question and of the in which it was the the matter had been and it was that the whole were to the and of the Council the of the same in

and the subject the district of the said in their that with a the members were of the Association the of which it is and to the that would be in the of this in the Colony of the question and of the in which it was the the matter had been and it was that the whole were to the and of the Council the of the same in

and the subject the district of the said in their that with a the members were of the Association the of which it is and to the that would be in the of this in the Colony of the question and of the in which it was the the matter had been and it was that the whole were to the and of the Council the of the same in

and the subject the district of the said in their that with a the members were of the Association the of which it is and to the that would be in the of this in the Colony of the question and of the in which it was the the matter had been and it was that the whole were to the and of the Council the of the same in

and the subject the district of the said in their that with a the members were of the Association the of which it is and to the that would be in the of this in the Colony of the question and of the in which it was the the matter had been and it was that the whole were to the and of the Council the of the same in

and the subject the district of the said in their that with a the members were of the Association the of which it is and to the that would be in the of this in the Colony of the question and of the in which it was the the matter had been and it was that the whole were to the and of the Council the of the same in

and the subject the district of the said in their that with a the members were of the Association the of which it is and to the that would be in the of this in the Colony of the question and of the in which it was the the matter had been and it was that the whole were to the and of the Council the of the same in

and the subject the district of the said in their that with a the members were of the Association the of which it is and to the that would be in the of this in the Colony of the question and of the in which it was the the matter had been and it was that the whole were to the and of the Council the of the same in

and the subject the district of the said in their that with a the members were of the Association the of which it is and to the that would be in the of this in the Colony of the question and of the in which it was the the matter had been and it was that the whole were to the and of the Council the of the same in

and the subject the district of the said in their that with a the members were of the Association the of which it is and to the that would be in the of this in the Colony of the question and of the in which it was the the matter had been and it was that the whole were to the and of the Council the of the same in

and the subject the district of the said in their that with a the members were of the Association the of which it is and to the that would be in the of this in the Colony of the question and of the in which it was the the matter had been and it was that the whole were to the and of the Council the of the same in

and the subject the district of the said in their that with a the members were of the Association the of which it is and to the that would be in the of this in the Colony of the question and of the in which it was the the matter had been and it was that the whole were to the and of the Council the of the same in

and the subject the district of the said in their that with a the members were of the Association the of which it is and to the that would be in the of this in the Colony of the question and of the in which it was the the matter had been and it was that the whole were to the and of the Council the of the same in

and the subject the district of the said in their that with a the members were of the Association the of which it is and to the that would be in the of this in the Colony of the question and of the in which it was the the matter had been and it was that the whole were to the and of the Council the of the same in

and the subject the district of the said in their that with a the members were of the Association the of which it is and to the that would be in the of this in the Colony of the question and of the in which it was the the matter had been and it was that the whole were to the and of the Council the of the same in

and the subject the district of the said in their that with a the members were of the Association the of which it is and to the that would be in the of this in the Colony of the question and of the in which it was the the matter had been and it was that the whole were to the and of the Council the of the same in

and the subject the district of the said in their that with a the members were of the Association the of which it is and to the that would be in the of this in the Colony of the question and of the in which it was the the matter had been and it was that the whole were to the and of the Council the of the same in

and the subject the district of the said in their that with a the members were of the Association the of which it is and to the that would be in the of this in the Colony of the question and of the in which it was the the matter had been and it was that the whole were to the and of the Council the of the same in

RESCUED FROM MISERY.

and the subject the district of the said in their that with a the members were of the Association the of which it is and to the that would be in the of this in the Colony of the question and of the in which it was the the matter had been and it was that the whole were to the and of the Council the of the same in

and the subject the district of the said in their that with a the members were of the Association the of which it is and to the that would be in the of this in the Colony of the question and of the in which it was the the matter had been and it was that the whole were to the and of the Council the of the same in

and the subject the district of the said in their that with a the members were of the Association the of which it is and to the that would be in the of this in the Colony of the question and of the in which it was the the matter had been and it was that the whole were to the and of the Council the of the same in

and the subject the district of the said in their that with a the members were of the Association the of which it is and to the that would be in the of this in the Colony of the question and of the in which it was the the matter had been and it was that the whole were to the and of the Council the of the same in

and the subject the district of the said in their that with a the members were of the Association the of which it is and to the that would be in the of this in the Colony of the question and of the in which it was the the matter had been and it was that the whole were to the and of the Council the of the same in
